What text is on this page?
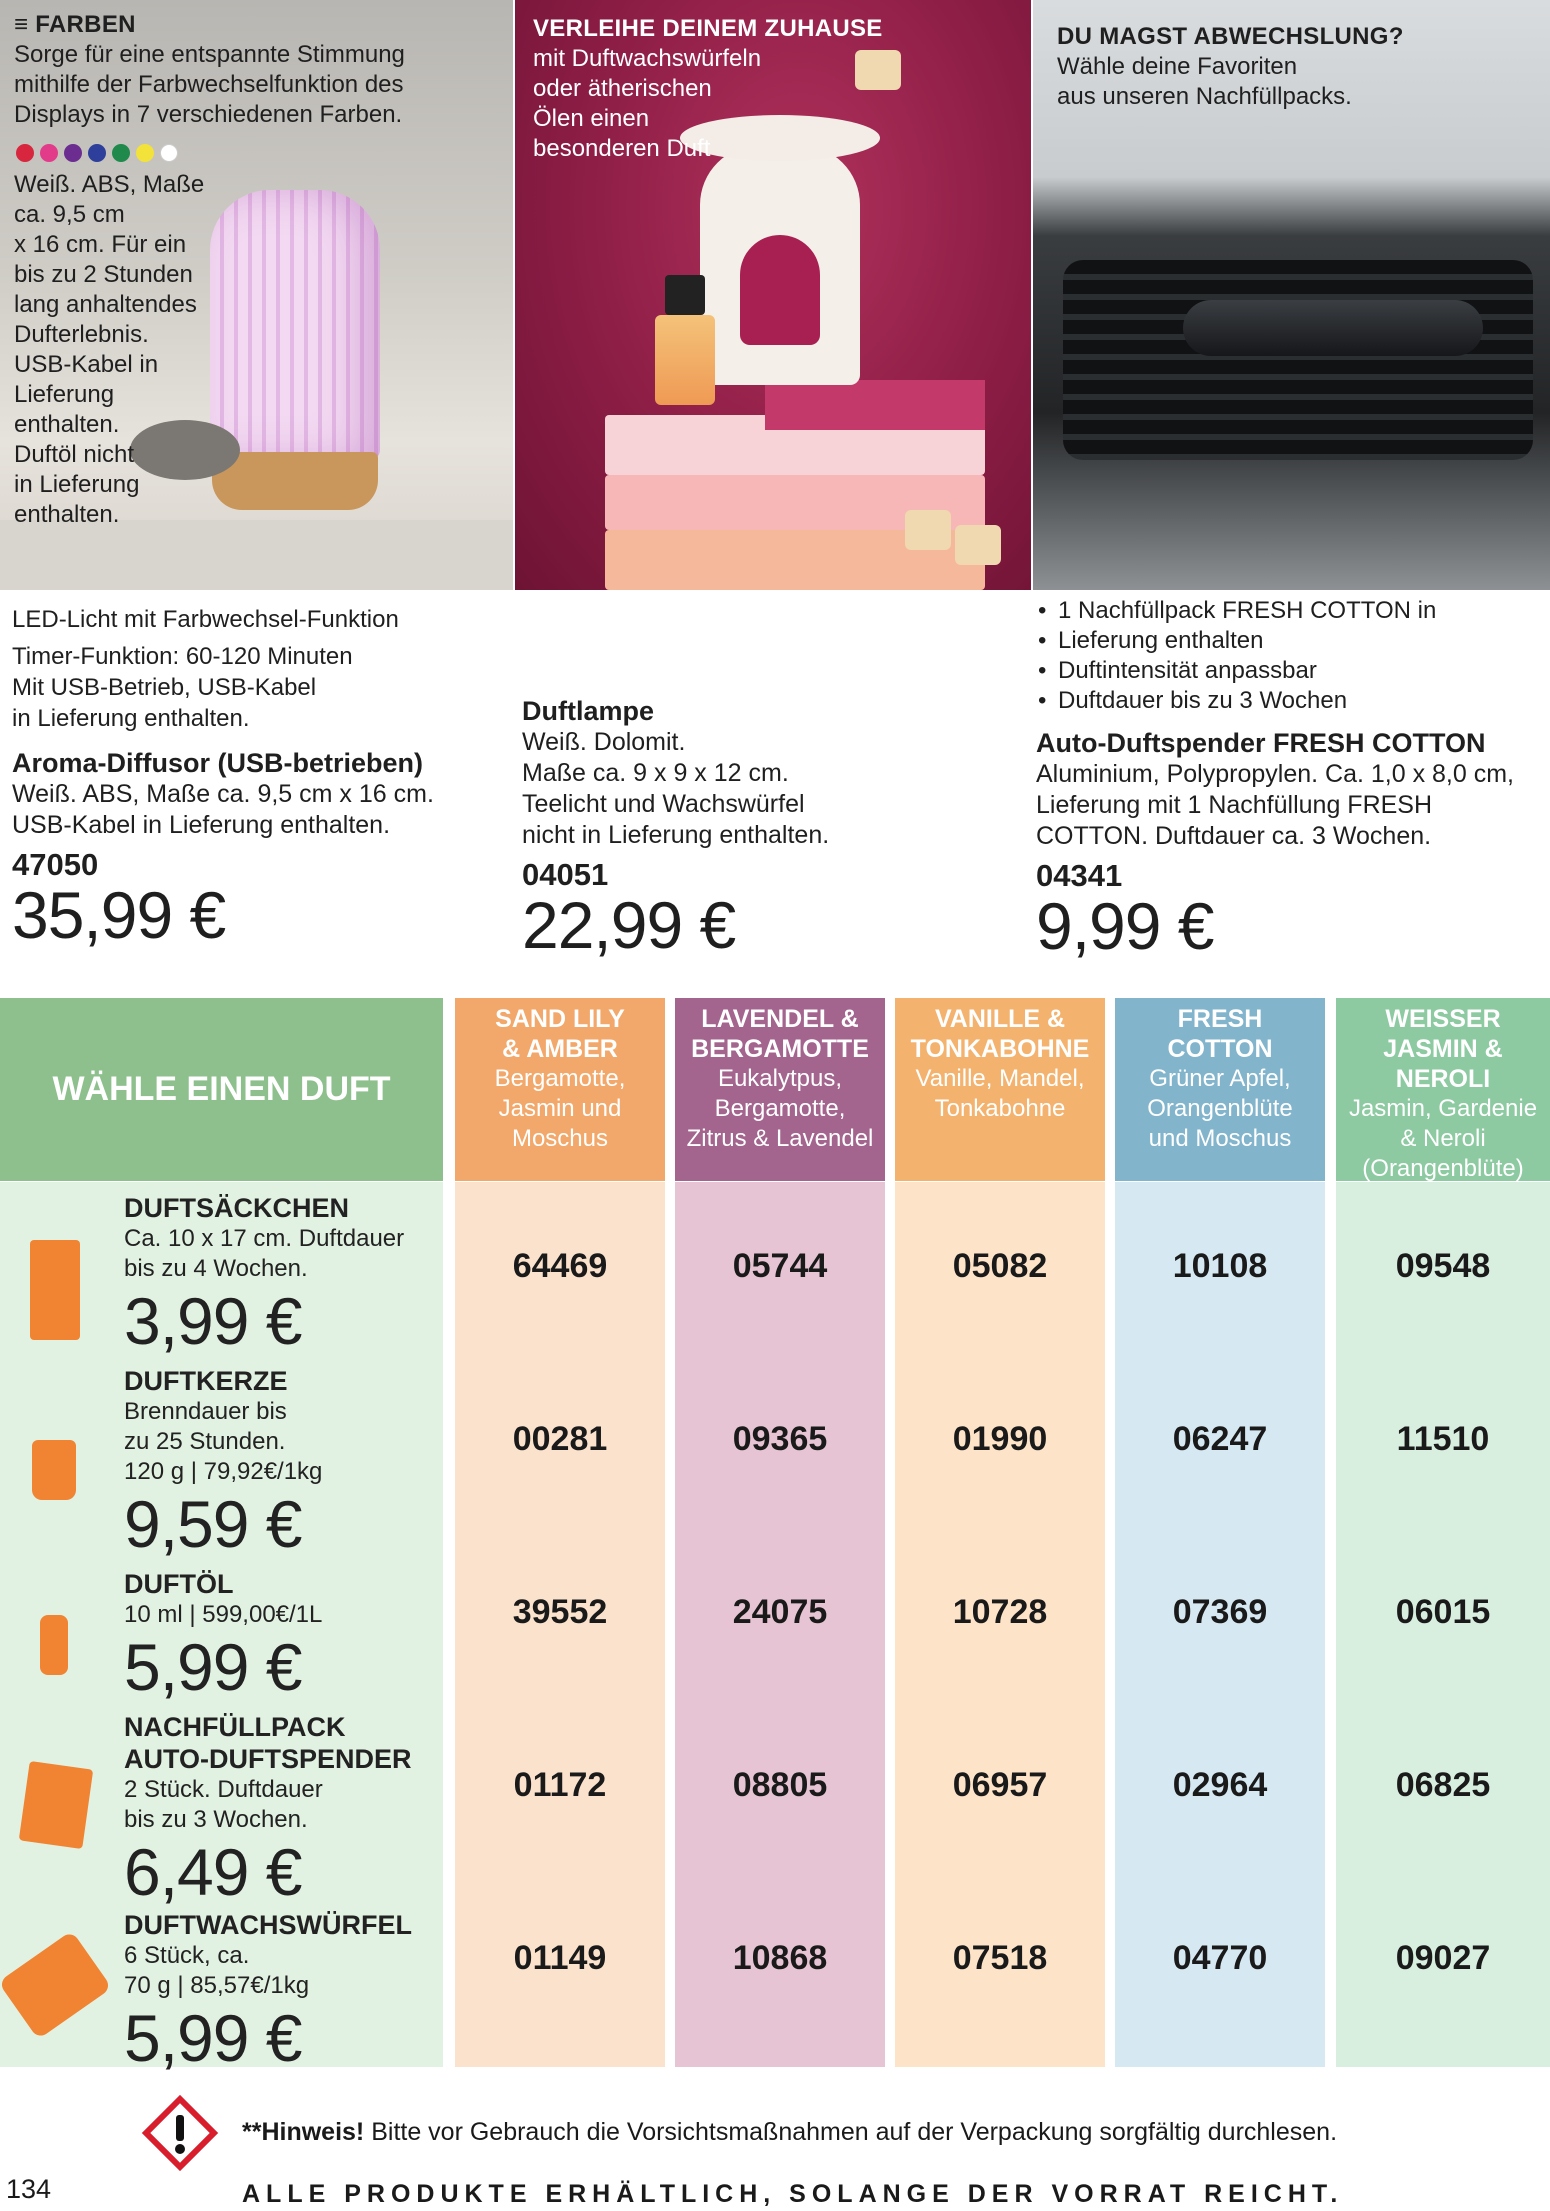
≡ FARBEN
Sorge für eine entspannte Stimmung
mithilfe der Farbwechselfunktion des
Displays in 7 verschiedenen Farben.
Weiß. ABS, Maße
ca. 9,5 cm
x 16 cm. Für ein
bis zu 2 Stunden
lang anhaltendes
Dufterlebnis.
USB-Kabel in
Lieferung
enthalten.
Duftöl nicht
in Lieferung
enthalten.
VERLEIHE DEINEM ZUHAUSE
mit Duftwachswürfeln
oder ätherischen
Ölen einen
besonderen Duft
DU MAGST ABWECHSLUNG?
Wähle deine Favoriten
aus unseren Nachfüllpacks.
LED-Licht mit Farbwechsel-Funktion
Timer-Funktion: 60-120 Minuten
Mit USB-Betrieb, USB-Kabel
in Lieferung enthalten.
Aroma-Diffusor (USB-betrieben)
Weiß. ABS, Maße ca. 9,5 cm x 16 cm.
USB-Kabel in Lieferung enthalten.
47050
35,99 €
Duftlampe
Weiß. Dolomit.
Maße ca. 9 x 9 x 12 cm.
Teelicht und Wachswürfel
nicht in Lieferung enthalten.
04051
22,99 €
• 1 Nachfüllpack FRESH COTTON in
• Lieferung enthalten
• Duftintensität anpassbar
• Duftdauer bis zu 3 Wochen
Auto-Duftspender FRESH COTTON
Aluminium, Polypropylen. Ca. 1,0 x 8,0 cm,
Lieferung mit 1 Nachfüllung FRESH
COTTON. Duftdauer ca. 3 Wochen.
04341
9,99 €
WÄHLE EINEN DUFT
SAND LILY
& AMBER
Bergamotte,
Jasmin und
Moschus
64469
00281
39552
01172
01149
LAVENDEL &
BERGAMOTTE
Eukalytpus,
Bergamotte,
Zitrus & Lavendel
05744
09365
24075
08805
10868
VANILLE &
TONKABOHNE
Vanille, Mandel,
Tonkabohne
05082
01990
10728
06957
07518
FRESH
COTTON
Grüner Apfel,
Orangenblüte
und Moschus
10108
06247
07369
02964
04770
WEISSER
JASMIN &
NEROLI
Jasmin, Gardenie
& Neroli
(Orangenblüte)
09548
11510
06015
06825
09027
DUFTSÄCKCHEN
Ca. 10 x 17 cm. Duftdauer
bis zu 4 Wochen.
3,99 €
DUFTKERZE
Brenndauer bis
zu 25 Stunden.
120 g | 79,92€/1kg
9,59 €
DUFTÖL
10 ml | 599,00€/1L
5,99 €
NACHFÜLLPACK
AUTO-DUFTSPENDER
2 Stück. Duftdauer
bis zu 3 Wochen.
6,49 €
DUFTWACHSWÜRFEL
6 Stück, ca.
70 g | 85,57€/1kg
5,99 €
**Hinweis! Bitte vor Gebrauch die Vorsichtsmaßnahmen auf der Verpackung sorgfältig durchlesen.
134	ALLE PRODUKTE ERHÄLTLICH, SOLANGE DER VORRAT REICHT.
